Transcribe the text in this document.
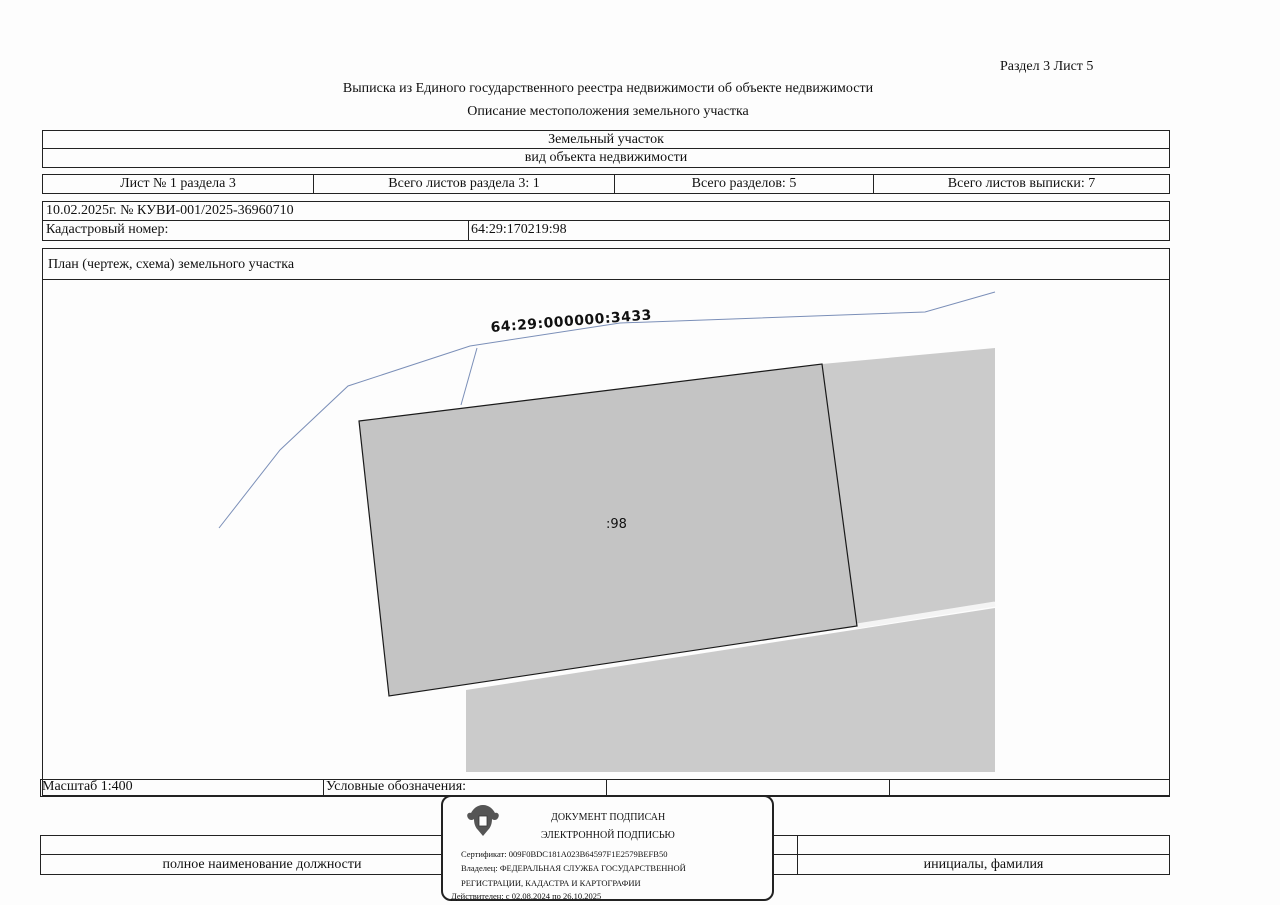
Раздел 3 Лист 5
Выписка из Единого государственного реестра недвижимости об объекте недвижимости
Описание местоположения земельного участка
Земельный участок
вид объекта недвижимости
Лист № 1 раздела 3	Всего листов раздела 3: 1	Всего разделов: 5	Всего листов выписки: 7
10.02.2025г. № КУВИ-001/2025-36960710
Кадастровый номер:	64:29:170219:98
План (чертеж, схема) земельного участка
64:29:000000:3433
:98
Масштаб 1:400	Условные обозначения:
полное наименование должности	инициалы, фамилия
ДОКУМЕНТ ПОДПИСАН
ЭЛЕКТРОННОЙ ПОДПИСЬЮ
Сертификат: 009F0BDC181A023B64597F1E2579BEFB50
Владелец: ФЕДЕРАЛЬНАЯ СЛУЖБА ГОСУДАРСТВЕННОЙ
РЕГИСТРАЦИИ, КАДАСТРА И КАРТОГРАФИИ
Действителен: с 02.08.2024 по 26.10.2025
